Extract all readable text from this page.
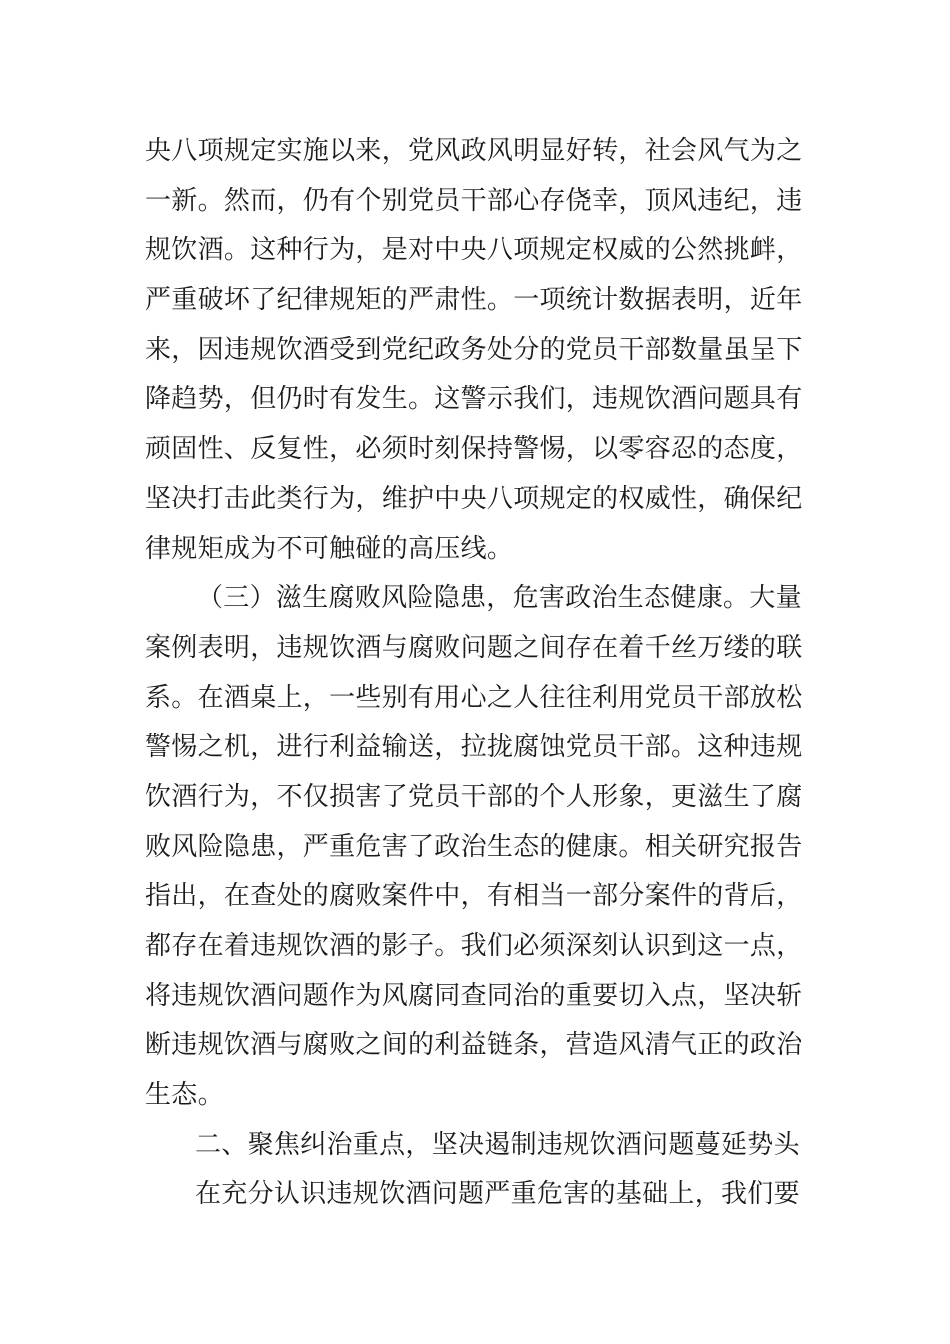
央八项规定实施以来，党风政风明显好转，社会风气为之
一新。然而，仍有个别党员干部心存侥幸，顶风违纪，违
规饮酒。这种行为，是对中央八项规定权威的公然挑衅，
严重破坏了纪律规矩的严肃性。一项统计数据表明，近年
来，因违规饮酒受到党纪政务处分的党员干部数量虽呈下
降趋势，但仍时有发生。这警示我们，违规饮酒问题具有
顽固性、反复性，必须时刻保持警惕，以零容忍的态度，
坚决打击此类行为，维护中央八项规定的权威性，确保纪
律规矩成为不可触碰的高压线。
（三）滋生腐败风险隐患，危害政治生态健康。大量
案例表明，违规饮酒与腐败问题之间存在着千丝万缕的联
系。在酒桌上，一些别有用心之人往往利用党员干部放松
警惕之机，进行利益输送，拉拢腐蚀党员干部。这种违规
饮酒行为，不仅损害了党员干部的个人形象，更滋生了腐
败风险隐患，严重危害了政治生态的健康。相关研究报告
指出，在查处的腐败案件中，有相当一部分案件的背后，
都存在着违规饮酒的影子。我们必须深刻认识到这一点，
将违规饮酒问题作为风腐同查同治的重要切入点，坚决斩
断违规饮酒与腐败之间的利益链条，营造风清气正的政治
生态。
二、聚焦纠治重点，坚决遏制违规饮酒问题蔓延势头
在充分认识违规饮酒问题严重危害的基础上，我们要
